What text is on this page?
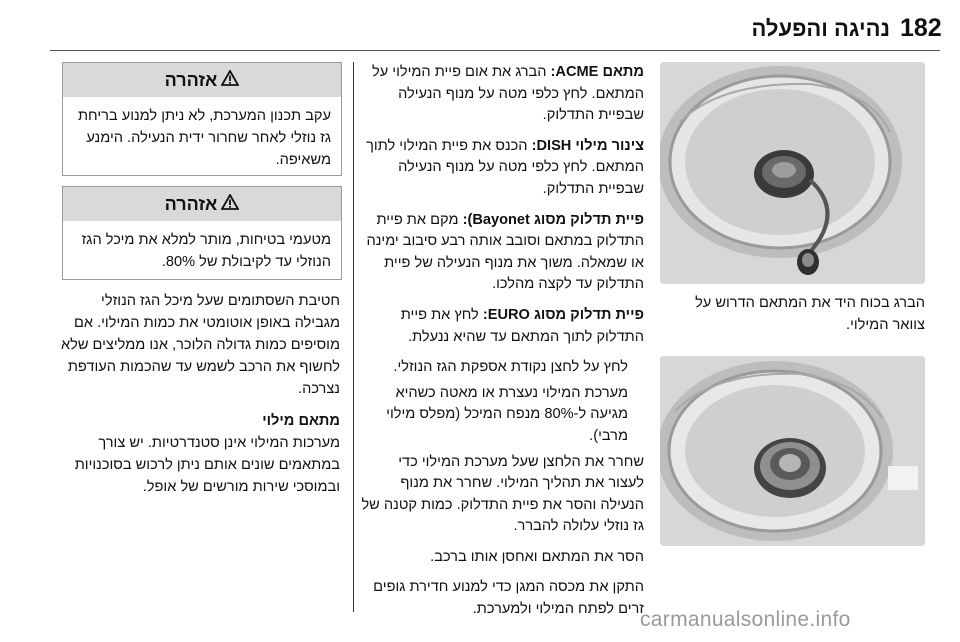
182
נהיגה והפעלה
הברג בכוח היד את המתאם הדרוש על צוואר המילוי.

מתאם ACME: הברג את אום פיית המילוי על המתאם. לחץ כלפי מטה על מנוף הנעילה שבפיית התדלוק.

צינור מילוי DISH: הכנס את פיית המילוי לתוך המתאם. לחץ כלפי מטה על מנוף הנעילה שבפיית התדלוק.

פיית תדלוק מסוג Bayonet): מקם את פיית התדלוק במתאם וסובב אותה רבע סיבוב ימינה או שמאלה. משוך את מנוף הנעילה של פיית התדלוק עד לקצה מהלכו.

פיית תדלוק מסוג EURO: לחץ את פיית התדלוק לתוך המתאם עד שהיא ננעלת.

לחץ על לחצן נקודת אספקת הגז הנוזלי.

מערכת המילוי נעצרת או מאטה כשהיא מגיעה ל-80% מנפח המיכל (מפלס מילוי מרבי).

שחרר את הלחצן שעל מערכת המילוי כדי לעצור את תהליך המילוי. שחרר את מנוף הנעילה והסר את פיית התדלוק. כמות קטנה של גז נוזלי עלולה להברר.

הסר את המתאם ואחסן אותו ברכב.

התקן את מכסה המגן כדי למנוע חדירת גופים זרים לפתח המילוי ולמערכת.

אזהרה
עקב תכנון המערכת, לא ניתן למנוע בריחת גז נוזלי לאחר שחרור ידית הנעילה. הימנע משאיפה.
אזהרה
מטעמי בטיחות, מותר למלא את מיכל הגז הנוזלי עד לקיבולת של 80%.

חטיבת השסתומים שעל מיכל הגז הנוזלי מגבילה באופן אוטומטי את כמות המילוי. אם מוסיפים כמות גדולה הלוכר, אנו ממליצים שלא לחשוף את הרכב לשמש עד שהכמות העודפת נצרכה.

מתאם מילוי

מערכות המילוי אינן סטנדרטיות. יש צורך במתאמים שונים אותם ניתן לרכוש בסוכנויות ובמוסכי שירות מורשים של אופל.

carmanualsonline.info
